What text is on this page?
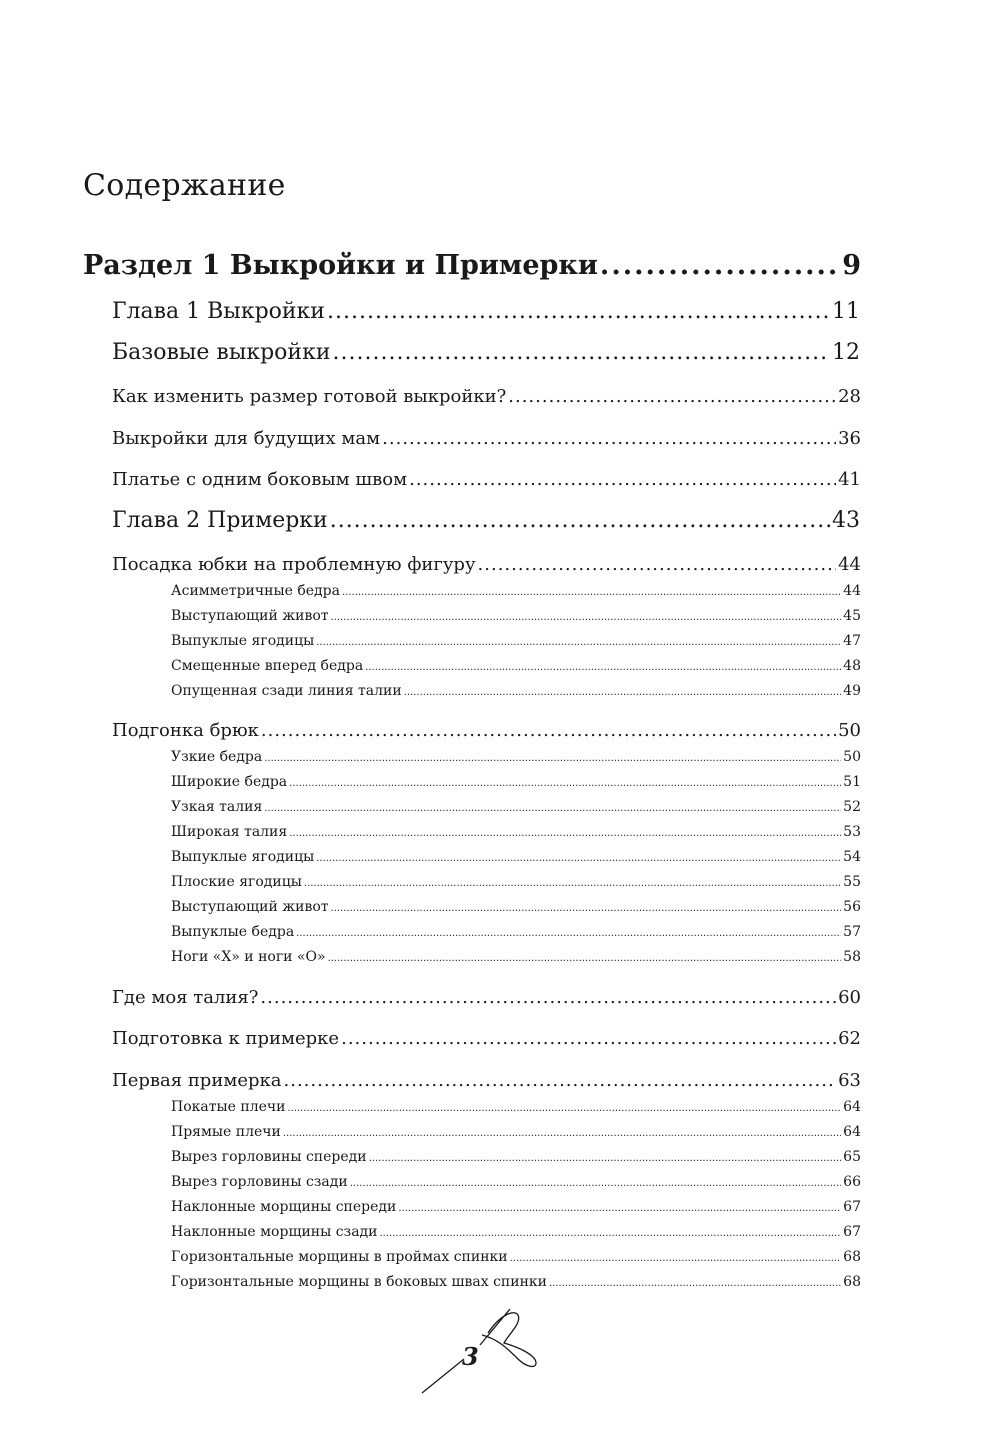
Содержание
Раздел 1 Выкройки и Примерки .....	9
Глава 1 Выкройки .....	11
Базовые выкройки .....	12
Как изменить размер готовой выкройки? .....	28
Выкройки для будущих мам .....	36
Платье с одним боковым швом .....	41
Глава 2 Примерки .....	43
Посадка юбки на проблемную фигуру .....	44
Асимметричные бедра .....	44
Выступающий живот .....	45
Выпуклые ягодицы .....	47
Смещенные вперед бедра .....	48
Опущенная сзади линия талии .....	49
Подгонка брюк .....	50
Узкие бедра .....	50
Широкие бедра .....	51
Узкая талия .....	52
Широкая талия .....	53
Выпуклые ягодицы .....	54
Плоские ягодицы .....	55
Выступающий живот .....	56
Выпуклые бедра .....	57
Ноги «Х» и ноги «О» .....	58
Где моя талия? .....	60
Подготовка к примерке .....	62
Первая примерка .....	63
Покатые плечи .....	64
Прямые плечи .....	64
Вырез горловины спереди .....	65
Вырез горловины сзади .....	66
Наклонные морщины спереди .....	67
Наклонные морщины сзади .....	67
Горизонтальные морщины в проймах спинки .....	68
Горизонтальные морщины в боковых швах спинки .....	68
3
